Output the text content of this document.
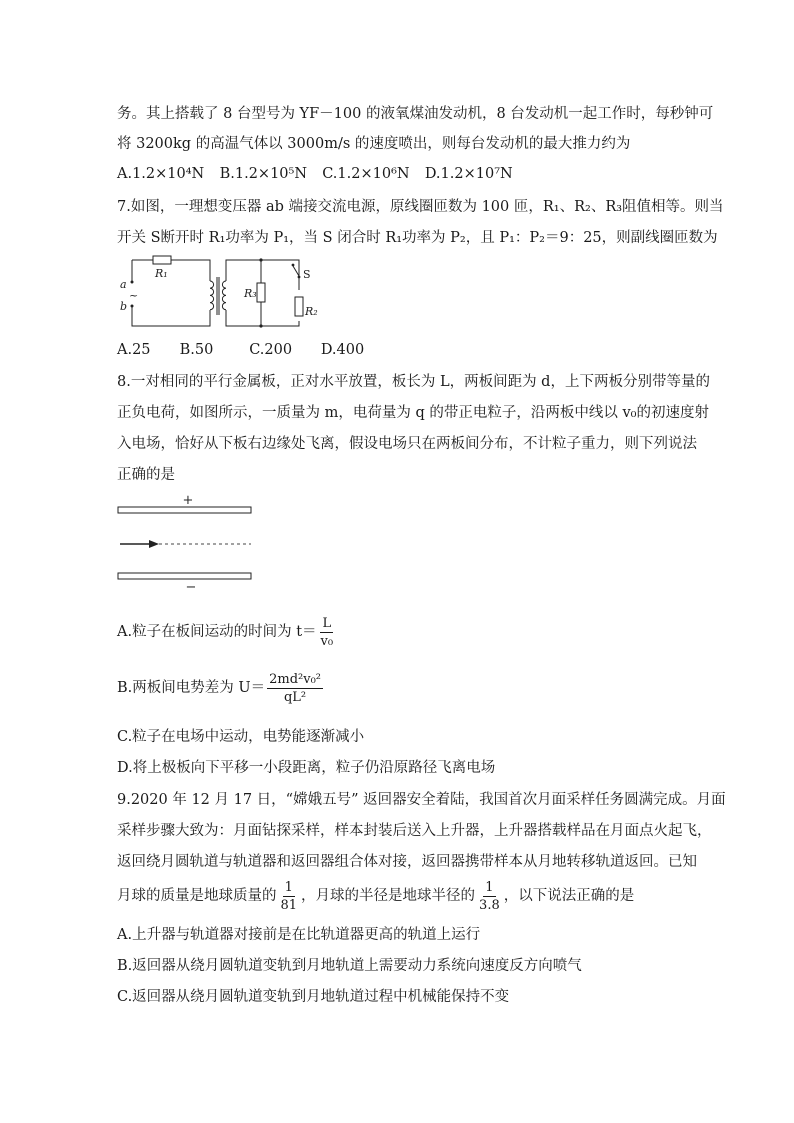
务。其上搭载了 8 台型号为 YF－100 的液氧煤油发动机，8 台发动机一起工作时，每秒钟可
将 3200kg 的高温气体以 3000m/s 的速度喷出，则每台发动机的最大推力约为
A.1.2×10⁴N B.1.2×10⁵N C.1.2×10⁶N D.1.2×10⁷N
7.如图，一理想变压器 ab 端接交流电源，原线圈匝数为 100 匝，R₁、R₂、R₃阻值相等。则当
开关 S断开时 R₁功率为 P₁，当 S 闭合时 R₁功率为 P₂，且 P₁：P₂＝9：25，则副线圈匝数为
a
b
~
R₁
R₃
R₂
S
A.25 B.50 C.200 D.400
8.一对相同的平行金属板，正对水平放置，板长为 L，两板间距为 d，上下两板分别带等量的
正负电荷，如图所示，一质量为 m，电荷量为 q 的带正电粒子，沿两板中线以 v₀的初速度射
入电场，恰好从下板右边缘处飞离，假设电场只在两板间分布，不计粒子重力，则下列说法
正确的是
+
−
A.粒子在板间运动的时间为 $t= \frac{L}{\text{v₀}}$
B.两板间电势差为 $U= \frac{\text{2md²v₀²}}{\text{qL²}}$
C.粒子在电场中运动，电势能逐渐减小
D.将上极板向下平移一小段距离，粒子仍沿原路径飞离电场
9.2020 年 12 月 17 日，“嫦娥五号” 返回器安全着陆，我国首次月面采样任务圆满完成。月面
采样步骤大致为：月面钻探采样，样本封装后送入上升器，上升器搭载样品在月面点火起飞，
返回绕月圆轨道与轨道器和返回器组合体对接，返回器携带样本从月地转移轨道返回。已知
月球的质量是地球质量的 $\frac{1}{81}$ ，月球的半径是地球半径的 $\frac{1}{3.8}$ ，以下说法正确的是
A.上升器与轨道器对接前是在比轨道器更高的轨道上运行
B.返回器从绕月圆轨道变轨到月地轨道上需要动力系统向速度反方向喷气
C.返回器从绕月圆轨道变轨到月地轨道过程中机械能保持不变
